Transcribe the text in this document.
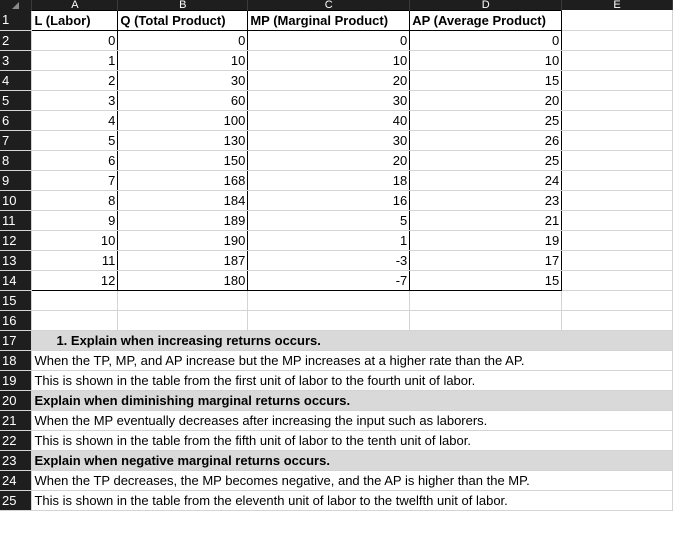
	A	B	C	D	E
1	L (Labor)	Q (Total Product)	MP (Marginal Product)	AP (Average Product)	
2	0	0	0	0	
3	1	10	10	10	
4	2	30	20	15	
5	3	60	30	20	
6	4	100	40	25	
7	5	130	30	26	
8	6	150	20	25	
9	7	168	18	24	
10	8	184	16	23	
11	9	189	5	21	
12	10	190	1	19	
13	11	187	-3	17	
14	12	180	-7	15	
15					
16					
17	1. Explain when increasing returns occurs.				
18	When the TP, MP, and AP increase but the MP increases at a higher rate than the AP.				
19	This is shown in the table from the first unit of labor to the fourth unit of labor.				
20	Explain when diminishing marginal returns occurs.				
21	When the MP eventually decreases after increasing the input such as laborers.				
22	This is shown in the table from the fifth unit of labor to the tenth unit of labor.				
23	Explain when negative marginal returns occurs.				
24	When the TP decreases, the MP becomes negative, and the AP is higher than the MP.				
25	This is shown in the table from the eleventh unit of labor to the twelfth unit of labor.				
